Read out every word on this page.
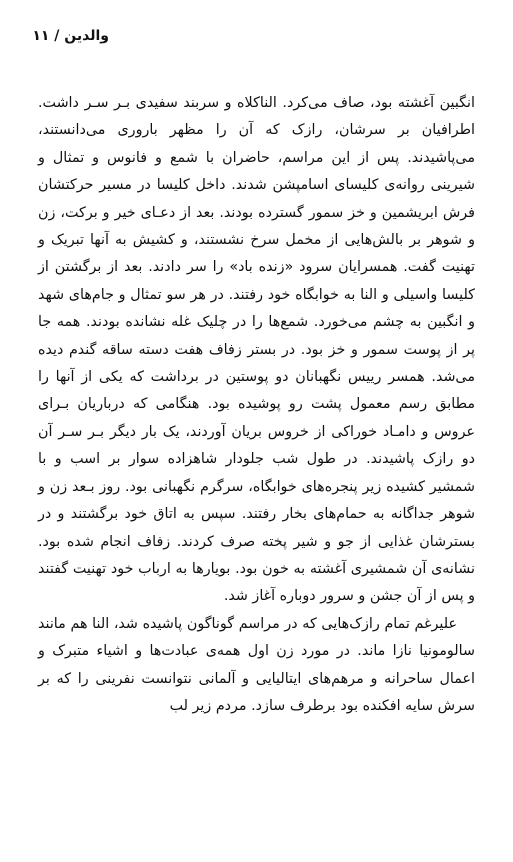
والدین / ۱۱

انگبین آغشته بود، صاف می‌کرد. الناکلاه و سربند سفیدی بـر سـر داشت. اطرافیان بر سرشان، رازک که آن را مظهر باروری می‌دانستند، می‌پاشیدند. پس از این مراسم، حاضران با شمع و فانوس و تمثال و شیرینی روانه‌ی کلیسای اسامپشن شدند. داخل کلیسا در مسیر حرکتشان فرش ابریشمین و خز سمور گسترده بودند. بعد از دعـای خیر و برکت، زن و شوهر بر بالش‌هایی از مخمل سرخ نشستند، و کشیش به آنها تبریک و تهنیت گفت. همسرایان سرود «زنده باد» را سر دادند. بعد از برگشتن از کلیسا واسیلی و النا به خوابگاه خود رفتند. در هر سو تمثال و جام‌های شهد و انگبین به چشم می‌خورد. شمع‌ها را در چلیک غله نشانده بودند. همه جا پر از پوست سمور و خز بود. در بستر زفاف هفت دسته ساقه گندم دیده می‌شد. همسر رییس نگهبانان دو پوستین در برداشت که یکی از آنها را مطابق رسم معمول پشت رو پوشیده بود. هنگامی که درباریان بـرای عروس و دامـاد خوراکی از خروس بریان آوردند، یک بار دیگر بـر سـر آن دو رازک پاشیدند. در طول شب جلودار شاهزاده سوار بر اسب و با شمشیر کشیده زیر پنجره‌های خوابگاه، سرگرم نگهبانی بود. روز بـعد زن و شوهر جداگانه به حمام‌های بخار رفتند. سپس به اتاق خود برگشتند و در بسترشان غذایی از جو و شیر پخته صرف کردند. زفاف انجام شده بود. نشانه‌ی آن شمشیری آغشته به خون بود. بویارها به ارباب خود تهنیت گفتند و پس از آن جشن و سرور دوباره آغاز شد.

علیرغم تمام رازک‌هایی که در مراسم گوناگون پاشیده شد، النا هم مانند سالومونیا نازا ماند. در مورد زن اول همه‌ی عبادت‌ها و اشیاء متبرک و اعمال ساحرانه و مرهم‌های ایتالیایی و آلمانی نتوانست نفرینی را که بر سرش سایه افکنده بود برطرف سازد. مردم زیر لب
